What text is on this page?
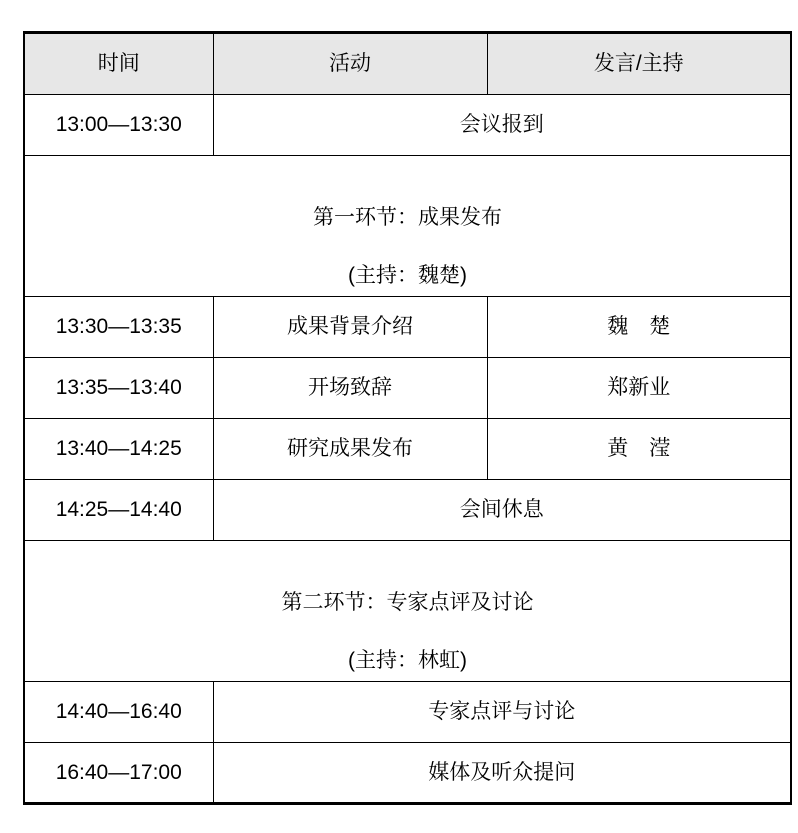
时间	活动	发言/主持
13:00—13:30	会议报到	

第一环节：成果发布
(主持：魏楚)		

13:30—13:35	成果背景介绍	魏　楚
13:35—13:40	开场致辞	郑新业
13:40—14:25	研究成果发布	黄　滢
14:25—14:40	会间休息	

第二环节：专家点评及讨论
(主持：林虹)		

14:40—16:40	专家点评与讨论	
16:40—17:00	媒体及听众提问	
